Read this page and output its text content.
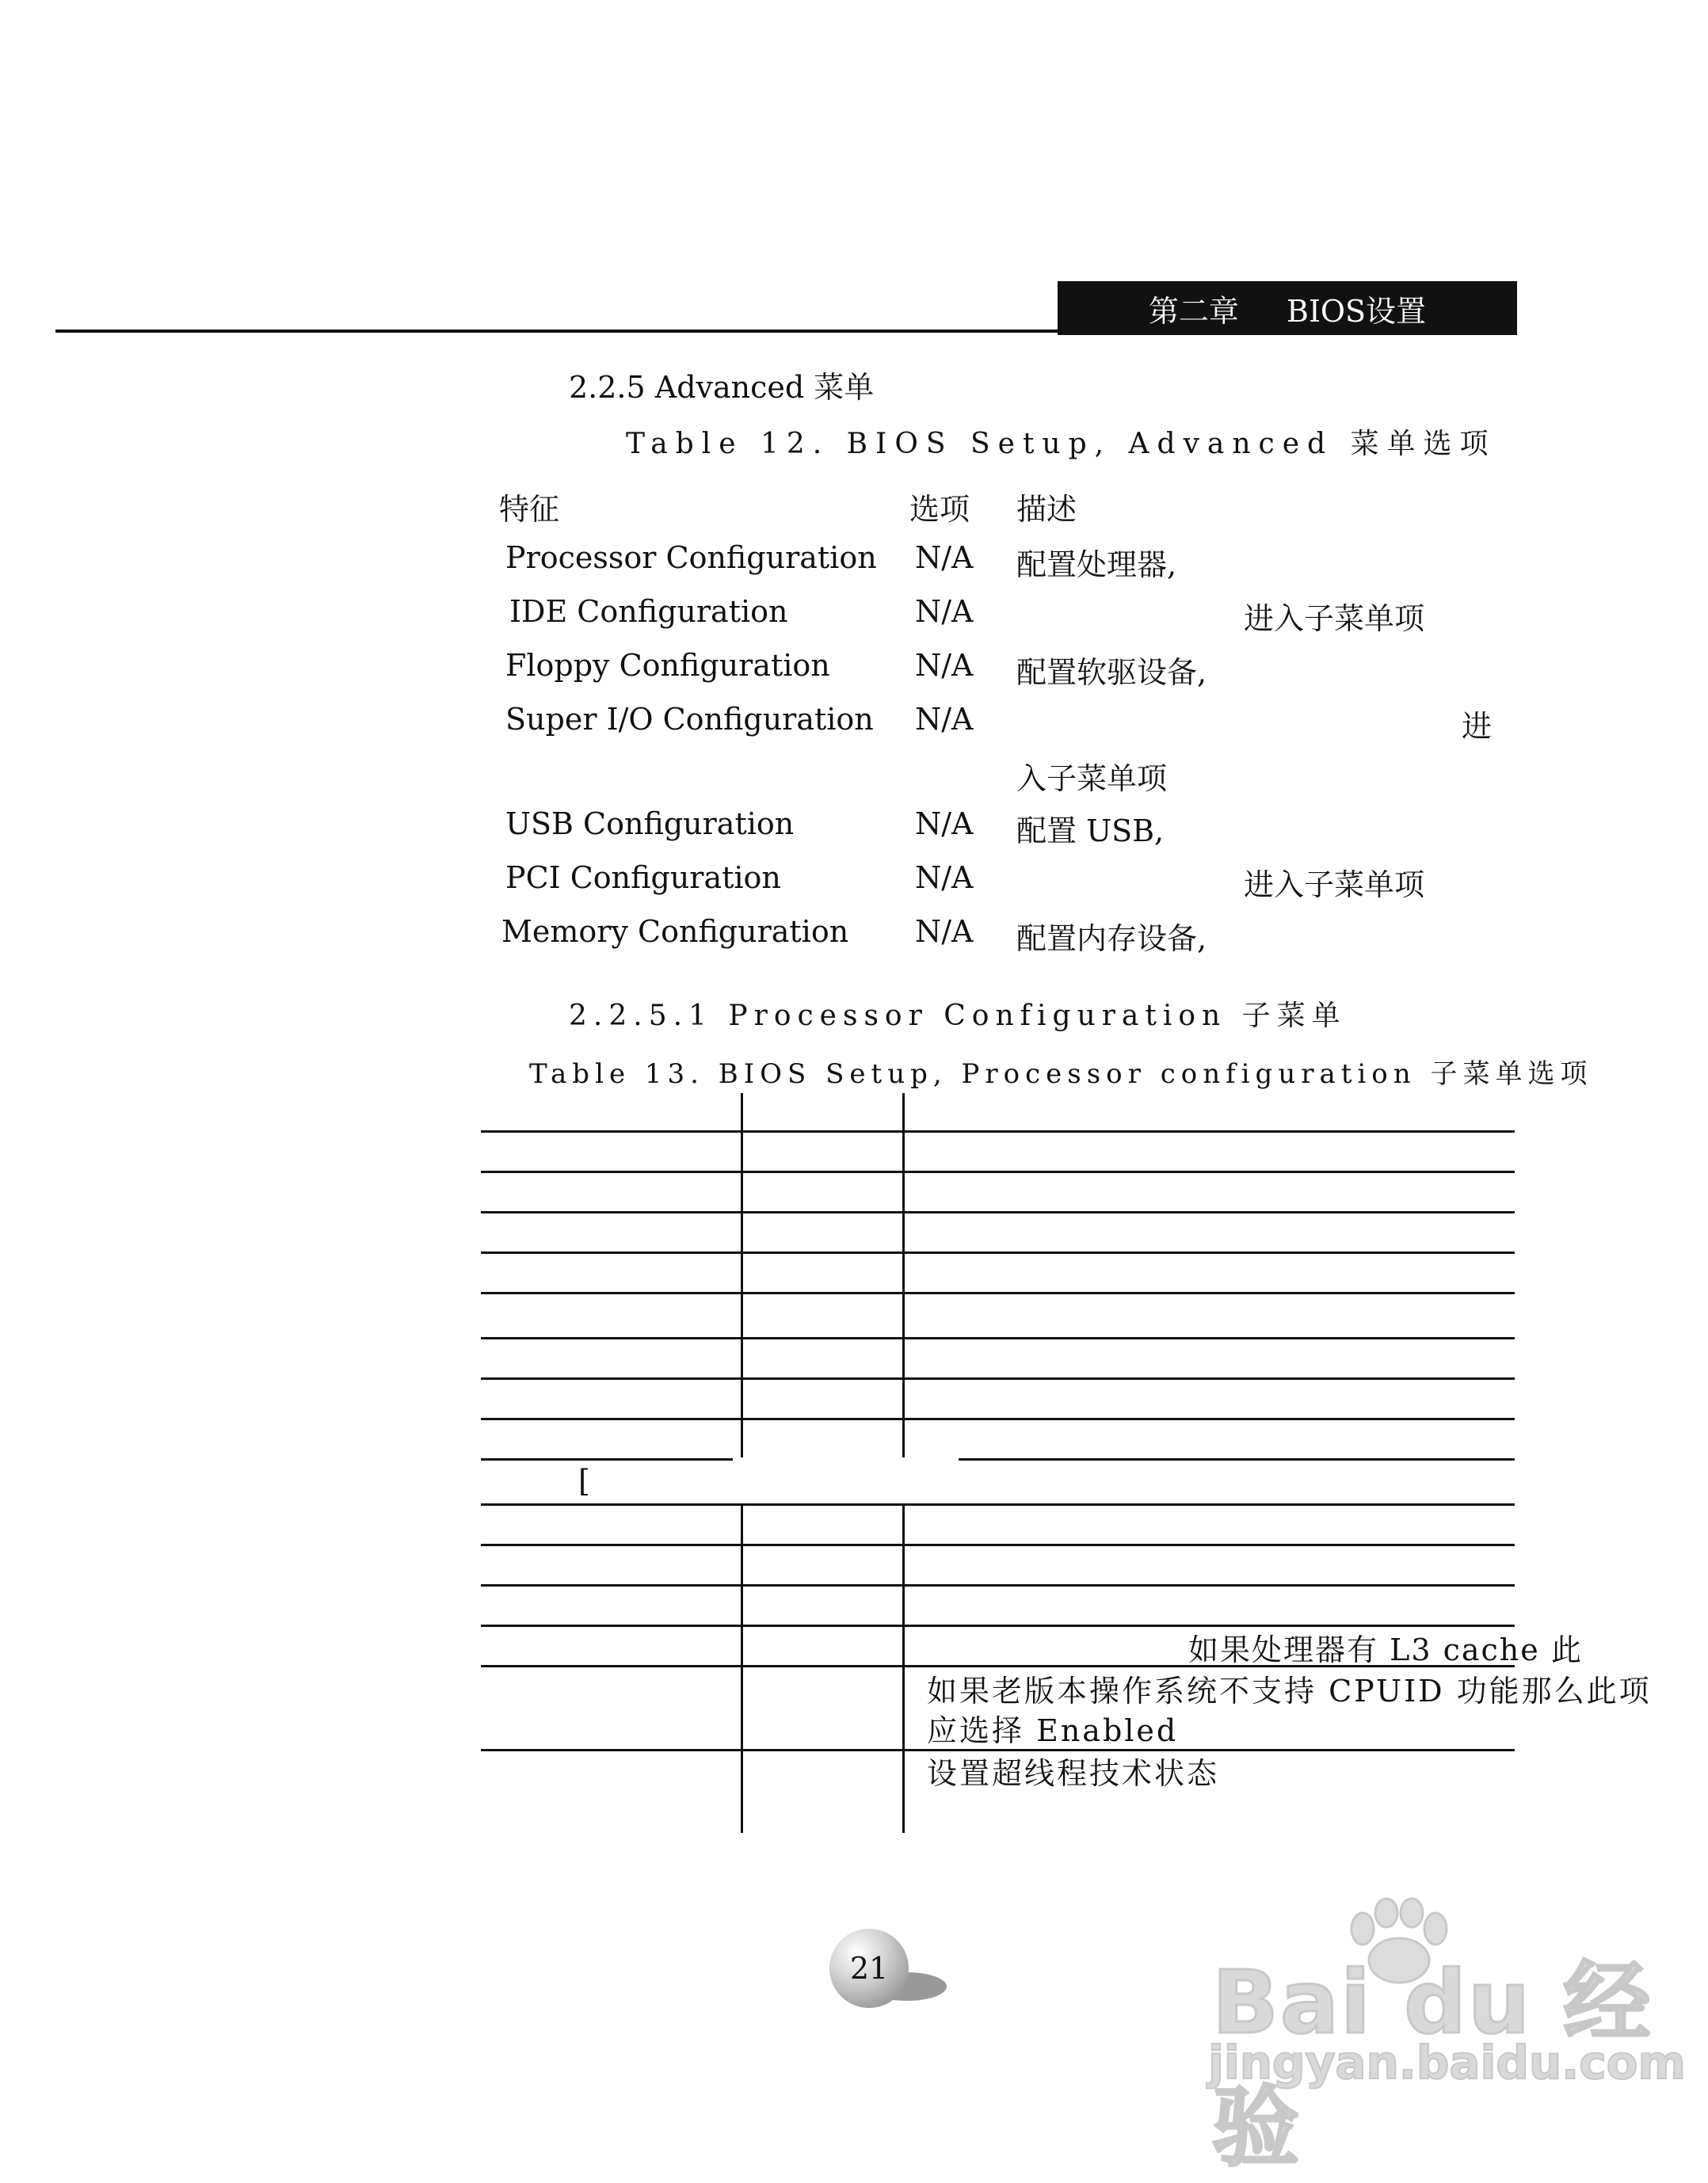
第二章 BIOS设置
2.2.5 Advanced 菜单
Table 12. BIOS Setup, Advanced 菜单选项
特征	选项 描述
Processor Configuration N/A 配置处理器,
IDE Configuration	N/A	进入子菜单项
Floppy Configuration	N/A 配置软驱设备,
Super I/O Configuration N/A	进
入子菜单项
USB Configuration	N/A 配置 USB,
PCI Configuration	N/A	进入子菜单项
Memory Configuration N/A 配置内存设备,
2.2.5.1 Processor Configuration 子菜单
Table 13. BIOS Setup, Processor configuration 子菜单选项
[
如果处理器有 L3 cache 此
如果老版本操作系统不支持 CPUID 功能那么此项
应选择 Enabled
设置超线程技术状态
21	Bai du 经验
jingyan.baidu.com
